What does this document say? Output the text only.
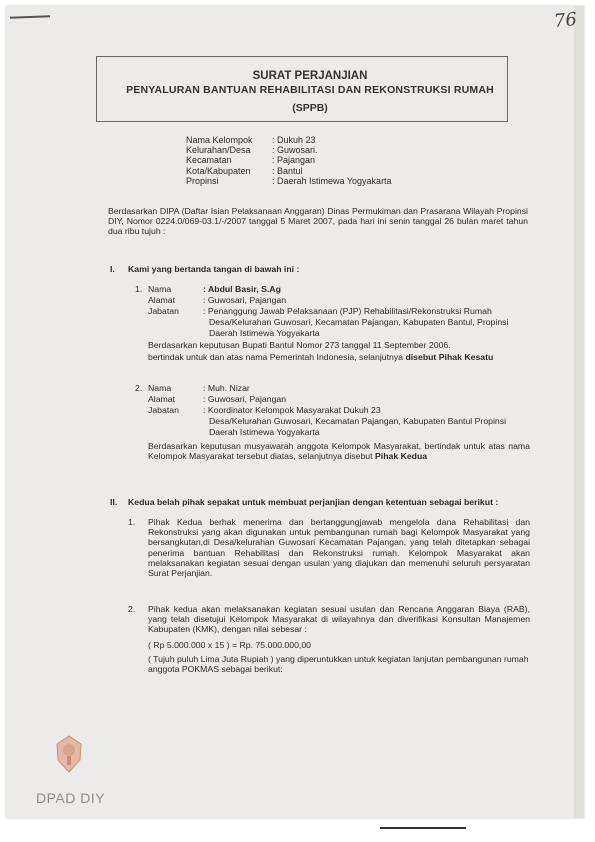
76
SURAT PERJANJIAN
PENYALURAN BANTUAN REHABILITASI DAN REKONSTRUKSI RUMAH
(SPPB)
Nama Kelompok	: Dukuh 23
Kelurahan/Desa	: Guwosari.
Kecamatan	: Pajangan
Kota/Kabupaten	: Bantul
Propinsi	: Daerah Istimewa Yogyakarta
Berdasarkan DIPA (Daftar Isian Pelaksanaan Anggaran) Dinas Permukiman dan Prasarana Wilayah Propinsi DIY, Nomor 0224.0/069-03.1/-/2007 tanggal 5 Maret 2007, pada hari ini senin tanggal 26 bulan maret tahun dua ribu tujuh :
I. Kami yang bertanda tangan di bawah ini :
1. Nama	: Abdul Basir, S.Ag
Alamat	: Guwosari, Pajangan
Jabatan	: Penanggung Jawab Pelaksanaan (PJP) Rehabilitasi/Rekonstruksi Rumah
Desa/Kelurahan Guwosari, Kecamatan Pajangan, Kabupaten Bantul, Propinsi
Daerah Istimewa Yogyakarta
Berdasarkan keputusan Bupati Bantul Nomor 273 tanggal 11 September 2006.
bertindak untuk dan atas nama Pemerintah Indonesia, selanjutnya disebut Pihak Kesatu
2. Nama	: Muh. Nizar
Alamat	: Guwosari, Pajangan
Jabatan	: Koordinator Kelompok Masyarakat Dukuh 23
Desa/Kelurahan Guwosari, Kecamatan Pajangan, Kabupaten Bantul Propinsi
Daerah Istimewa Yogyakarta
Berdasarkan keputusan musyawarah anggota Kelompok Masyarakat, bertindak untuk atas nama Kelompok Masyarakat tersebut diatas, selanjutnya disebut Pihak Kedua
II. Kedua belah pihak sepakat untuk membuat perjanjian dengan ketentuan sebagai berikut :
1. Pihak Kedua berhak menerima dan bertanggungjawab mengelola dana Rehabilitasi dan Rekonstruksi yang akan digunakan untuk pembangunan rumah bagi Kelompok Masyarakat yang bersangkutan,di Desa/kelurahan Guwosari Kecamatan Pajangan, yang telah ditetapkan sebagai penerima bantuan Rehabilitasi dan Rekonstruksi rumah. Kelompok Masyarakat akan melaksanakan kegiatan sesuai dengan usulan yang diajukan dan memenuhi seluruh persyaratan Surat Perjanjian.
2. Pihak kedua akan melaksanakan kegiatan sesuai usulan dan Rencana Anggaran Biaya (RAB), yang telah disetujui Kelompok Masyarakat di wilayahnya dan diverifikasi Konsultan Manajemen Kabupaten (KMK), dengan nilai sebesar :
( Rp 5.000.000 x 15 ) = Rp. 75.000.000,00
( Tujuh puluh Lima Juta Rupiah ) yang diperuntukkan untuk kegiatan lanjutan pembangunan rumah anggota POKMAS sebagai berikut:
DPAD DIY
